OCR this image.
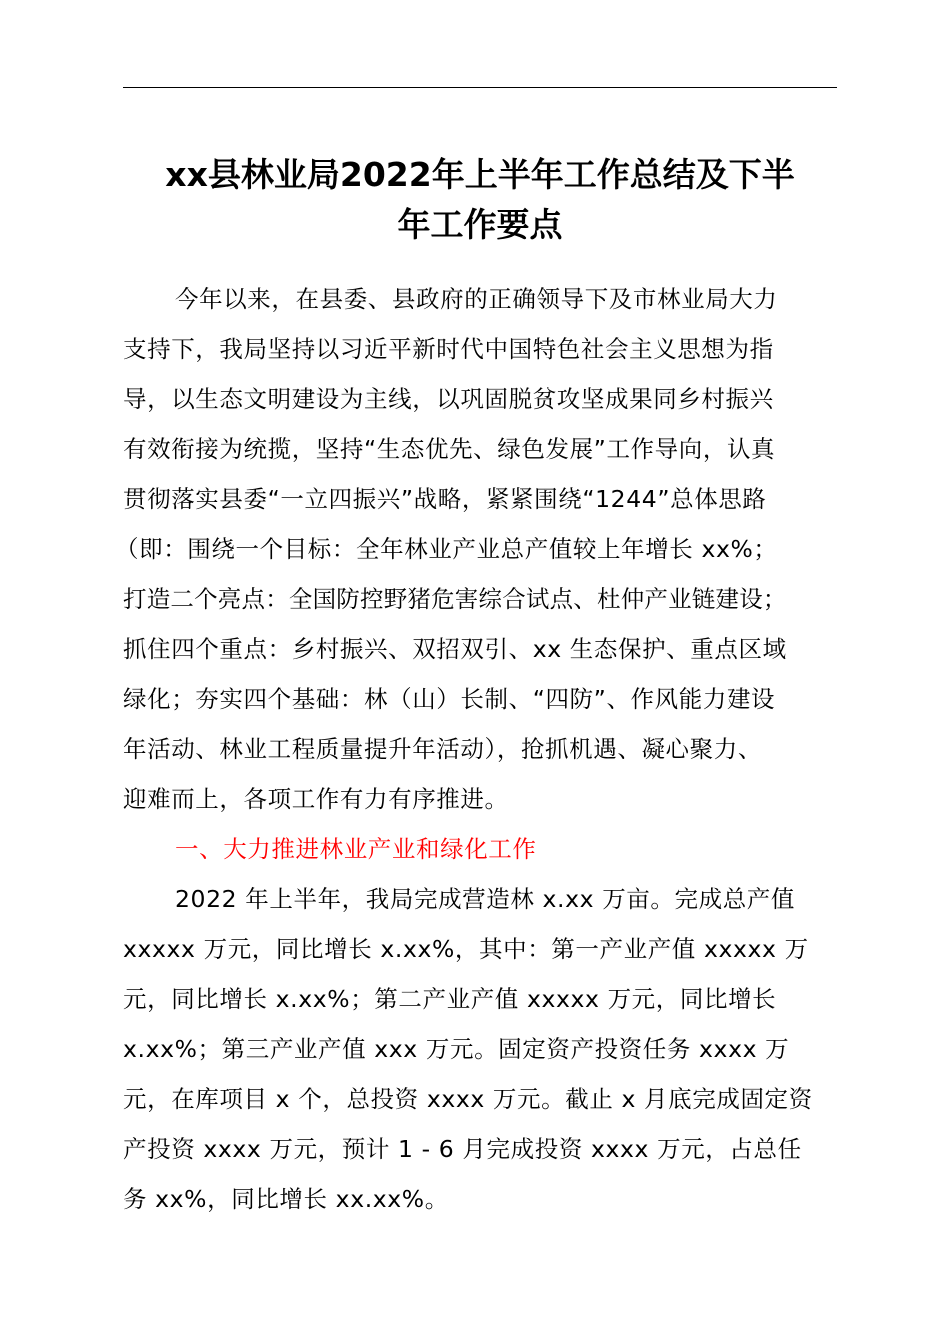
xx县林业局2022年上半年工作总结及下半
年工作要点
今年以来，在县委、县政府的正确领导下及市林业局大力
支持下，我局坚持以习近平新时代中国特色社会主义思想为指
导，以生态文明建设为主线，以巩固脱贫攻坚成果同乡村振兴
有效衔接为统揽，坚持“生态优先、绿色发展”工作导向，认真
贯彻落实县委“一立四振兴”战略，紧紧围绕“1244”总体思路
（即：围绕一个目标：全年林业产业总产值较上年增长 xx%；
打造二个亮点：全国防控野猪危害综合试点、杜仲产业链建设；
抓住四个重点：乡村振兴、双招双引、xx 生态保护、重点区域
绿化；夯实四个基础：林（山）长制、“四防”、作风能力建设
年活动、林业工程质量提升年活动），抢抓机遇、凝心聚力、
迎难而上，各项工作有力有序推进。
一、大力推进林业产业和绿化工作
2022 年上半年，我局完成营造林 x.xx 万亩。完成总产值
xxxxx 万元，同比增长 x.xx%，其中：第一产业产值 xxxxx 万
元，同比增长 x.xx%；第二产业产值 xxxxx 万元，同比增长
x.xx%；第三产业产值 xxx 万元。固定资产投资任务 xxxx 万
元，在库项目 x 个，总投资 xxxx 万元。截止 x 月底完成固定资
产投资 xxxx 万元，预计 1 - 6 月完成投资 xxxx 万元，占总任
务 xx%，同比增长 xx.xx%。
